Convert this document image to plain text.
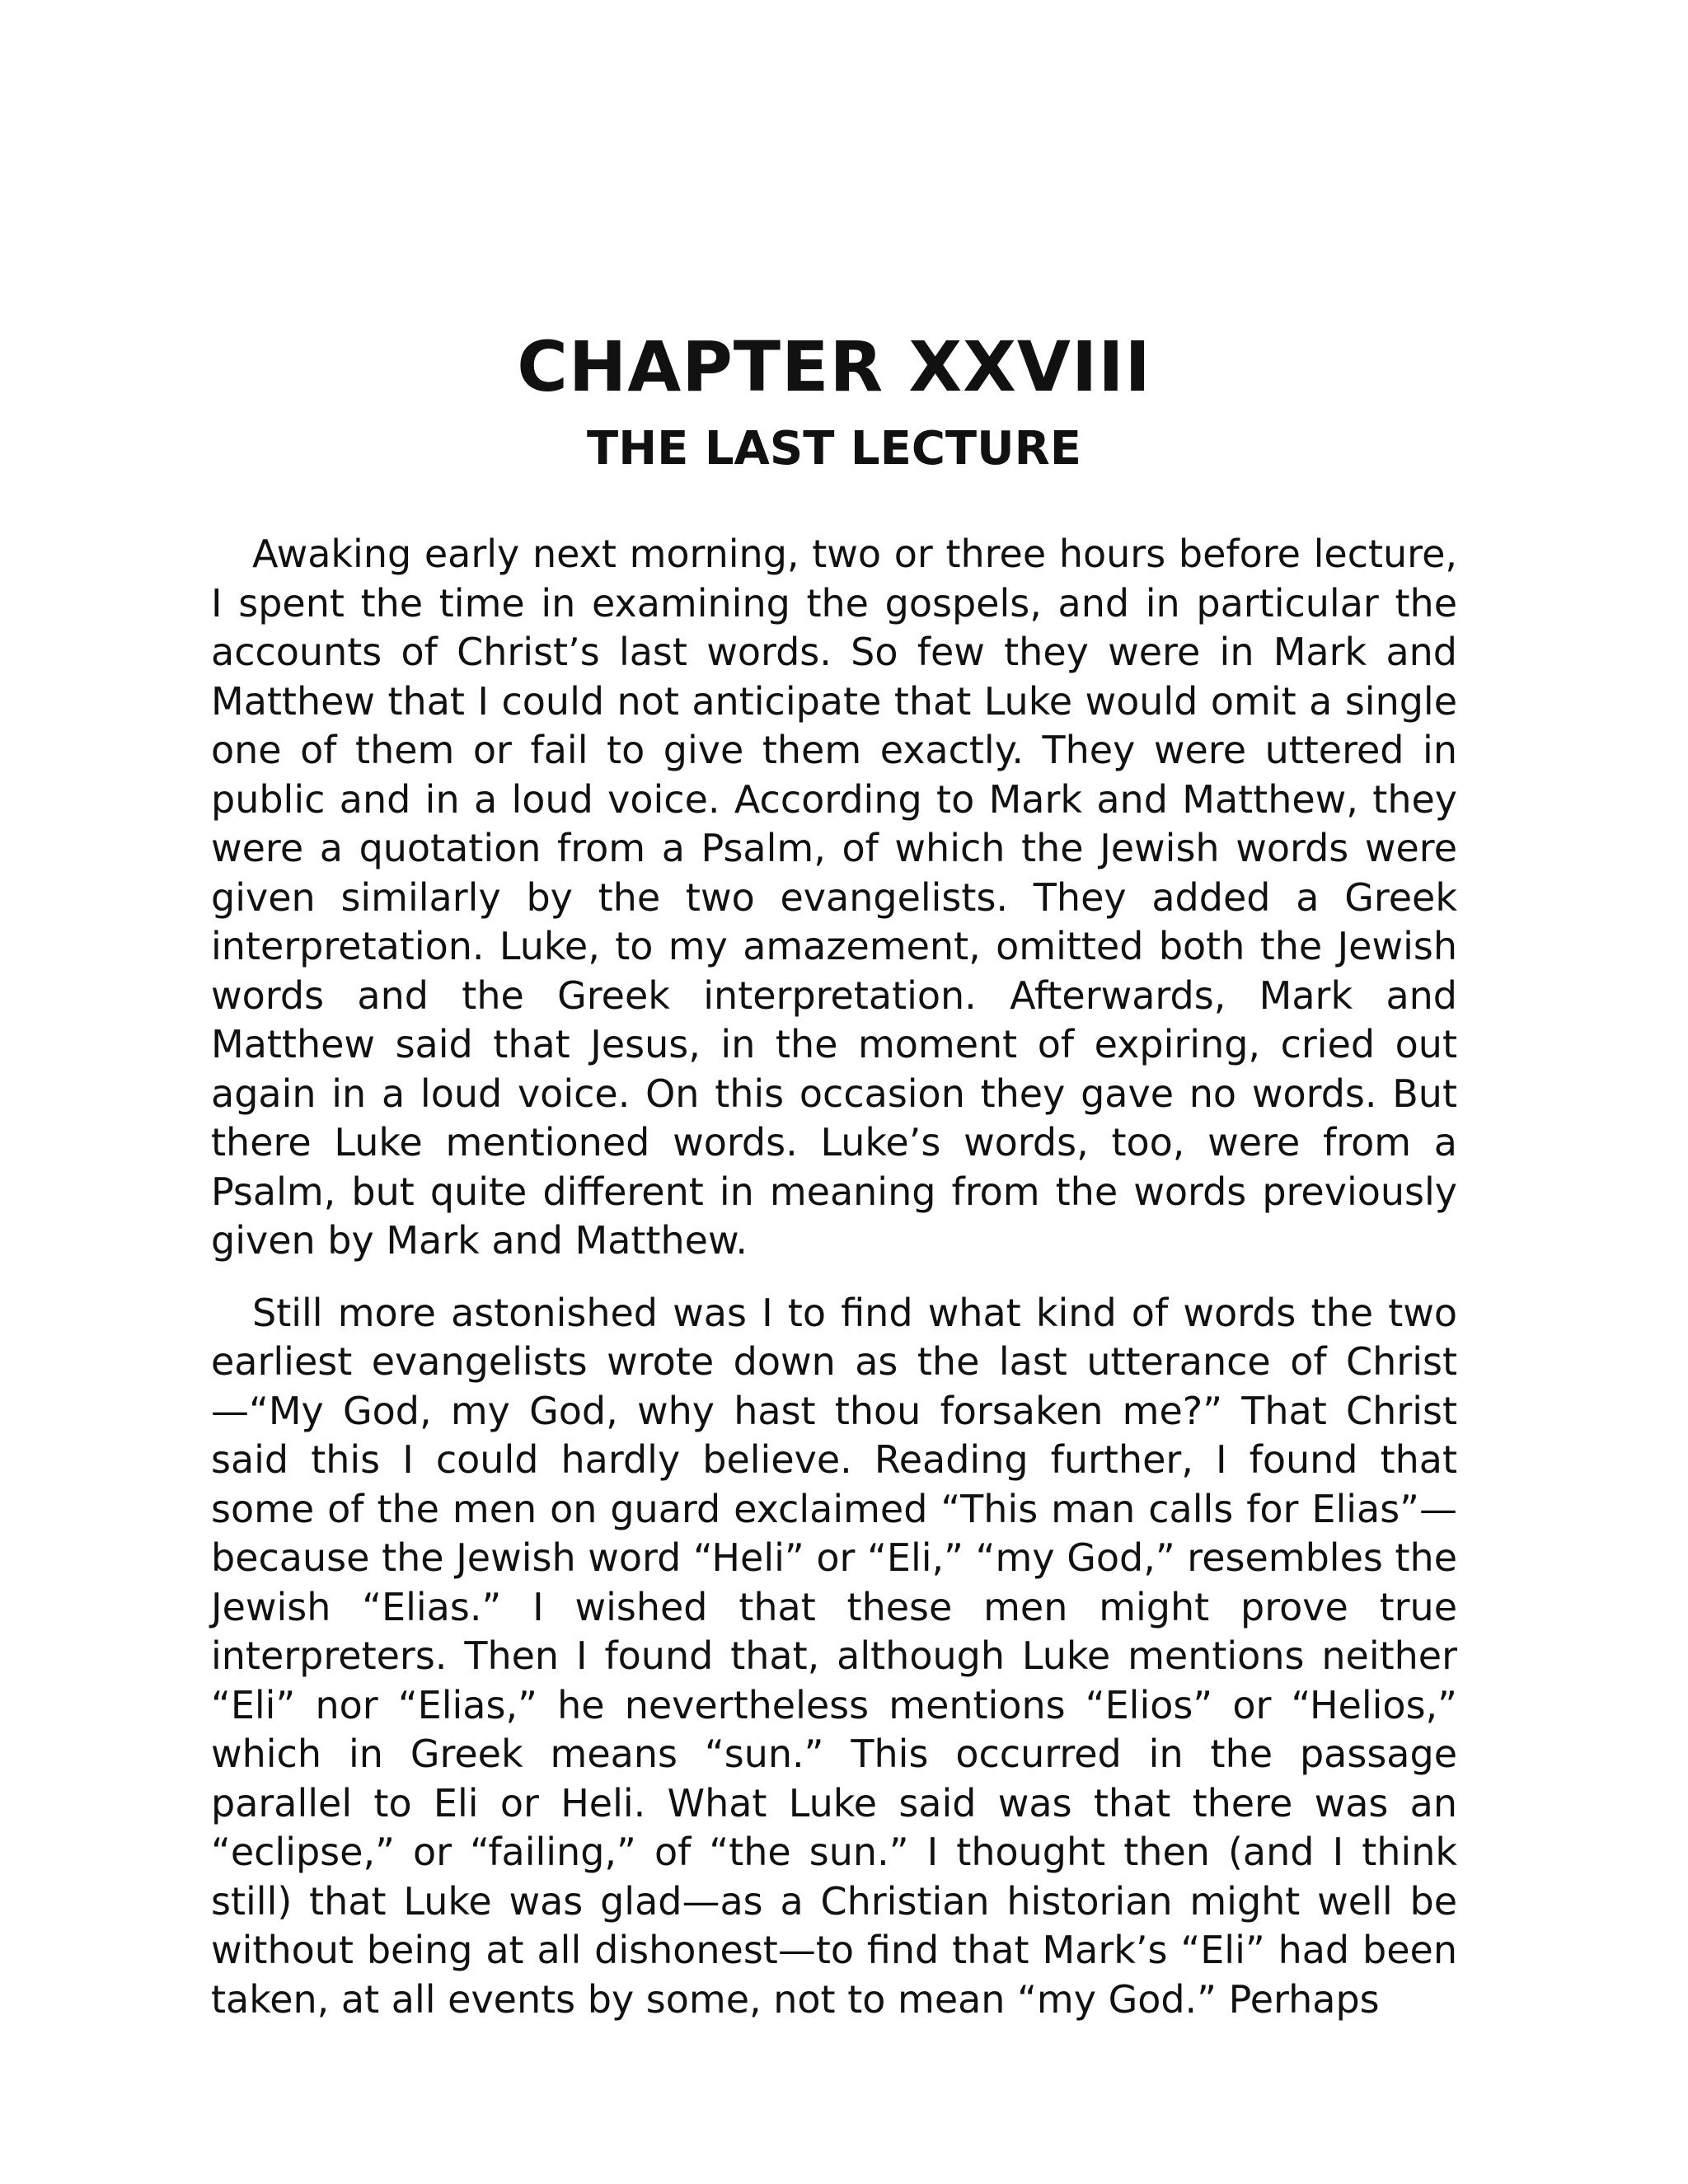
CHAPTER XXVIII
THE LAST LECTURE

Awaking early next morning, two or three hours before lecture, I spent the time in examining the gospels, and in particular the accounts of Christ’s last words. So few they were in Mark and Matthew that I could not anticipate that Luke would omit a single one of them or fail to give them exactly. They were uttered in public and in a loud voice. According to Mark and Matthew, they were a quotation from a Psalm, of which the Jewish words were given similarly by the two evangelists. They added a Greek interpretation. Luke, to my amazement, omitted both the Jewish words and the Greek interpretation. Afterwards, Mark and Matthew said that Jesus, in the moment of expiring, cried out again in a loud voice. On this occasion they gave no words. But there Luke mentioned words. Luke’s words, too, were from a Psalm, but quite different in meaning from the words previously given by Mark and Matthew.

Still more astonished was I to find what kind of words the two earliest evangelists wrote down as the last utterance of Christ—“My God, my God, why hast thou forsaken me?” That Christ said this I could hardly believe. Reading further, I found that some of the men on guard exclaimed “This man calls for Elias”—because the Jewish word “Heli” or “Eli,” “my God,” resembles the Jewish “Elias.” I wished that these men might prove true interpreters. Then I found that, although Luke mentions neither “Eli” nor “Elias,” he nevertheless mentions “Elios” or “Helios,” which in Greek means “sun.” This occurred in the passage parallel to Eli or Heli. What Luke said was that there was an “eclipse,” or “failing,” of “the sun.” I thought then (and I think still) that Luke was glad—as a Christian historian might well be without being at all dishonest—to find that Mark’s “Eli” had been taken, at all events by some, not to mean “my God.” Perhaps
